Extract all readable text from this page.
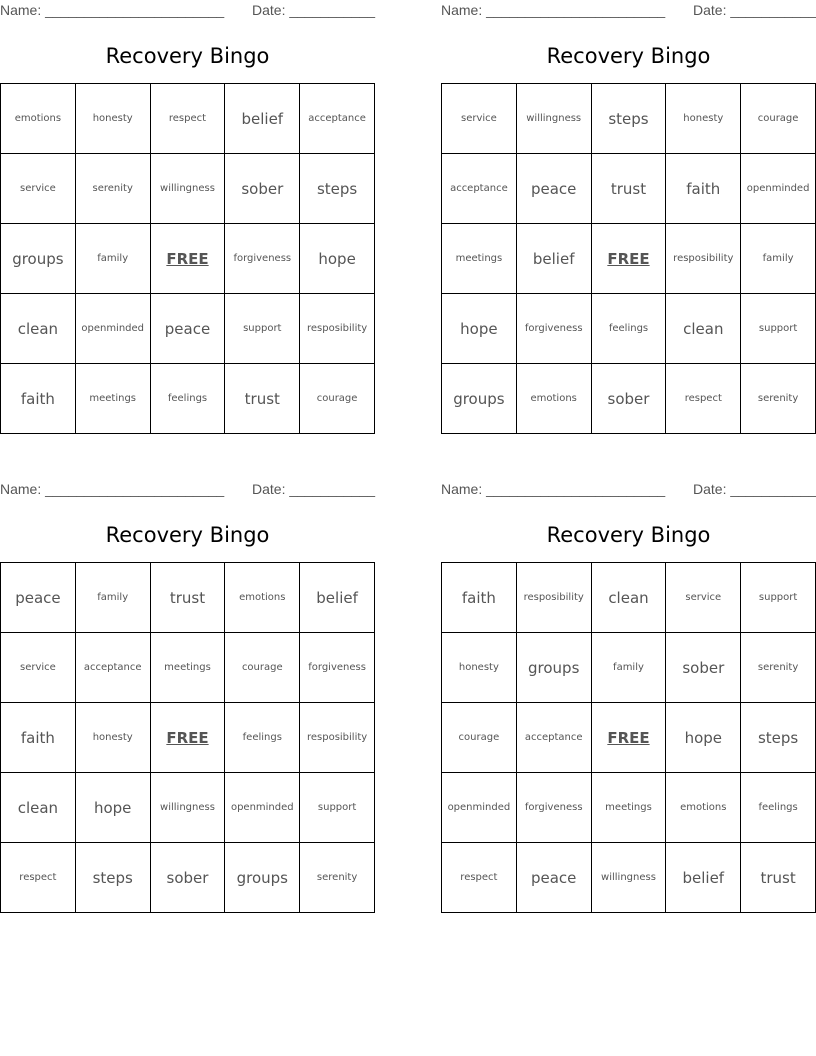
Name: _______________________ Date: ___________
Recovery Bingo
emotions	honesty	respect	belief	acceptance
service	serenity	willingness	sober	steps
groups	family	FREE	forgiveness	hope
clean	openminded	peace	support	resposibility
faith	meetings	feelings	trust	courage
Name: _______________________ Date: ___________
Recovery Bingo
service	willingness	steps	honesty	courage
acceptance	peace	trust	faith	openminded
meetings	belief	FREE	resposibility	family
hope	forgiveness	feelings	clean	support
groups	emotions	sober	respect	serenity
Name: _______________________ Date: ___________
Recovery Bingo
peace	family	trust	emotions	belief
service	acceptance	meetings	courage	forgiveness
faith	honesty	FREE	feelings	resposibility
clean	hope	willingness	openminded	support
respect	steps	sober	groups	serenity
Name: _______________________ Date: ___________
Recovery Bingo
faith	resposibility	clean	service	support
honesty	groups	family	sober	serenity
courage	acceptance	FREE	hope	steps
openminded	forgiveness	meetings	emotions	feelings
respect	peace	willingness	belief	trust
